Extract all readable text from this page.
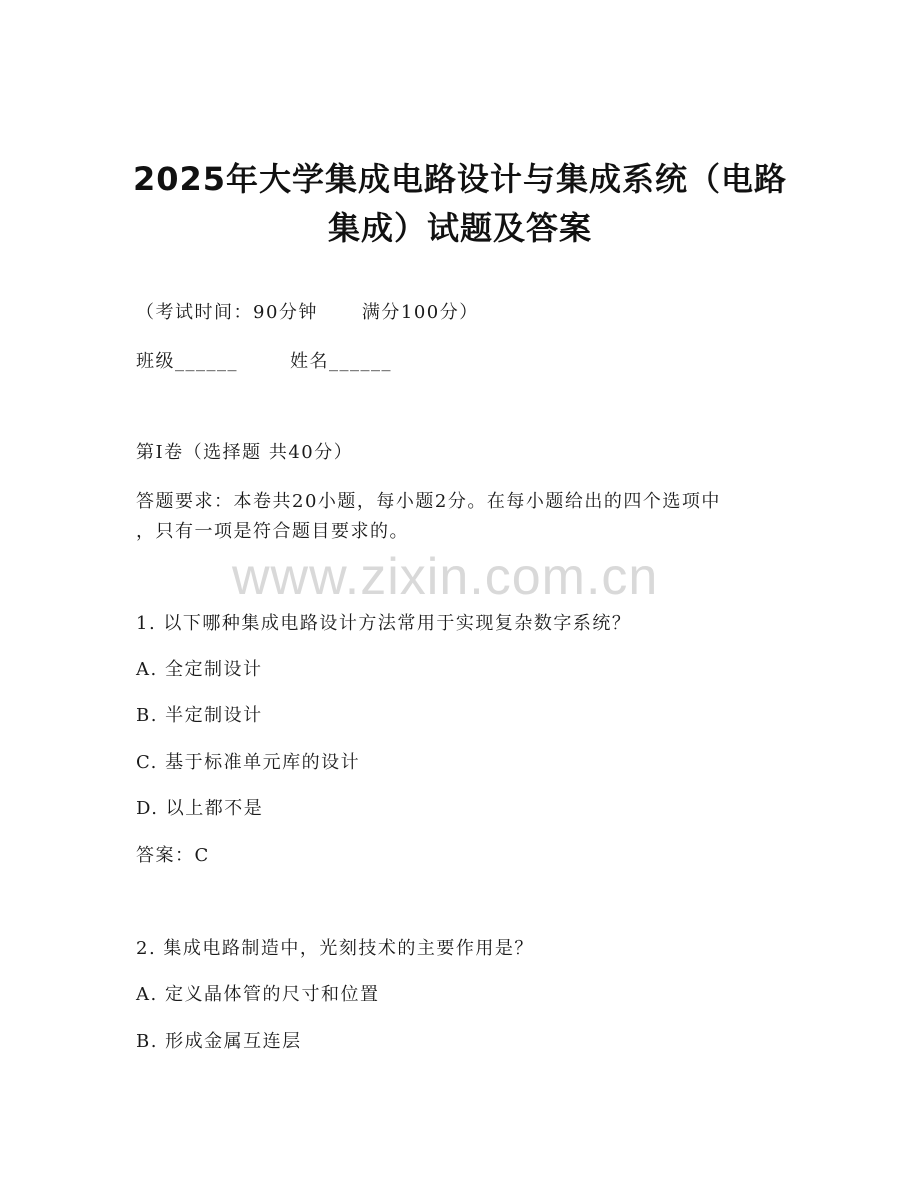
2025年大学集成电路设计与集成系统（电路
集成）试题及答案
（考试时间：90分钟 满分100分）
班级______	姓名______
第I卷（选择题 共40分）
答题要求：本卷共20小题，每小题2分。在每小题给出的四个选项中
，只有一项是符合题目要求的。
www.zixin.com.cn
1. 以下哪种集成电路设计方法常用于实现复杂数字系统？
A. 全定制设计
B. 半定制设计
C. 基于标准单元库的设计
D. 以上都不是
答案：C
2. 集成电路制造中，光刻技术的主要作用是？
A. 定义晶体管的尺寸和位置
B. 形成金属互连层
